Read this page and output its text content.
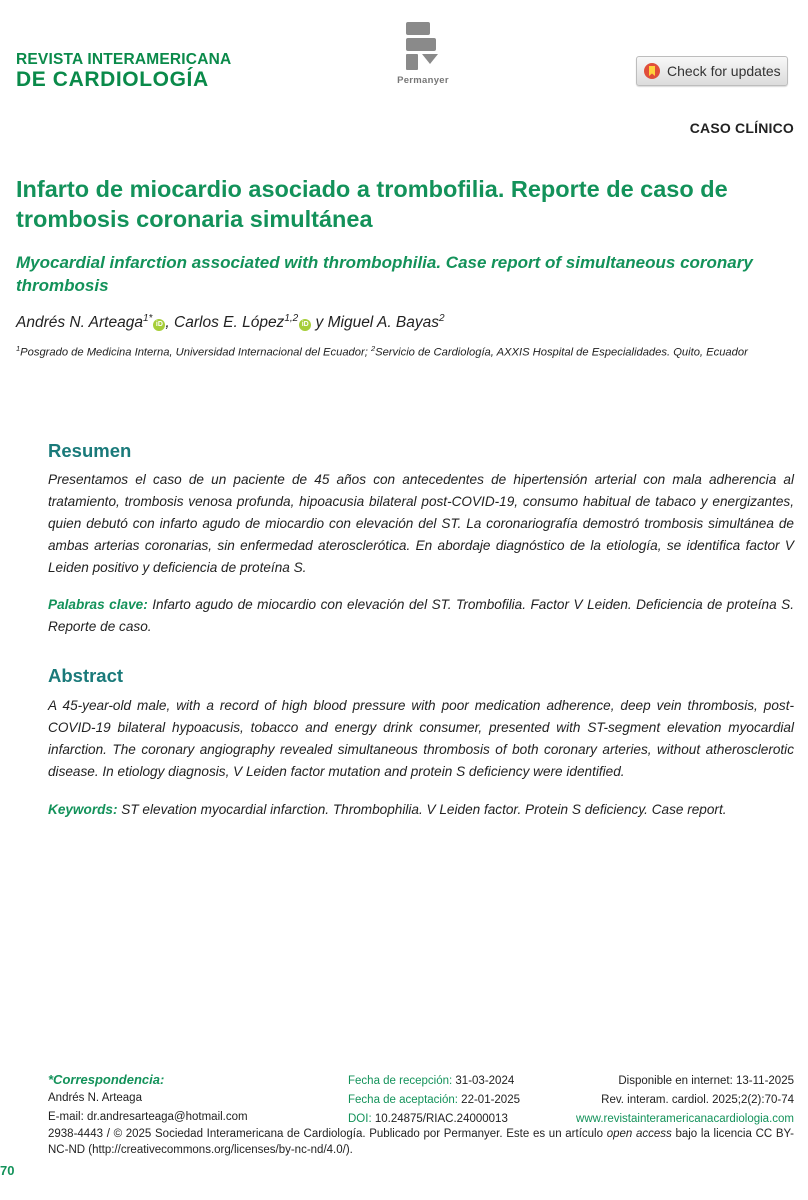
REVISTA INTERAMERICANA
DE CARDIOLOGÍA	Permanyer
Check for updates
CASO CLÍNICO
Infarto de miocardio asociado a trombofilia. Reporte de caso de trombosis coronaria simultánea
Myocardial infarction associated with thrombophilia. Case report of simultaneous coronary thrombosis
Andrés N. Arteaga$^{1*}$iD , Carlos E. López$^{1,2}$iD y Miguel A. Bayas$^2$
$^1$Posgrado de Medicina Interna, Universidad Internacional del Ecuador; $^2$Servicio de Cardiología, AXXIS Hospital de Especialidades. Quito, Ecuador
Resumen

Presentamos el caso de un paciente de 45 años con antecedentes de hipertensión arterial con mala adherencia al tratamiento, trombosis venosa profunda, hipoacusia bilateral post-COVID-19, consumo habitual de tabaco y energizantes, quien debutó con infarto agudo de miocardio con elevación del ST. La coronariografía demostró trombosis simultánea de ambas arterias coronarias, sin enfermedad aterosclerótica. En abordaje diagnóstico de la etiología, se identifica factor V Leiden positivo y deficiencia de proteína S.

Palabras clave: Infarto agudo de miocardio con elevación del ST. Trombofilia. Factor V Leiden. Deficiencia de proteína S. Reporte de caso.

Abstract

A 45-year-old male, with a record of high blood pressure with poor medication adherence, deep vein thrombosis, post-COVID-19 bilateral hypoacusis, tobacco and energy drink consumer, presented with ST-segment elevation myocardial infarction. The coronary angiography revealed simultaneous thrombosis of both coronary arteries, without atherosclerotic disease. In etiology diagnosis, V Leiden factor mutation and protein S deficiency were identified.

Keywords: ST elevation myocardial infarction. Thrombophilia. V Leiden factor. Protein S deficiency. Case report.

*Correspondencia:
Andrés N. Arteaga
E-mail: dr.andresarteaga@hotmail.com
Fecha de recepción: 31-03-2024
Fecha de aceptación: 22-01-2025
DOI: 10.24875/RIAC.24000013
Disponible en internet: 13-11-2025
Rev. interam. cardiol. 2025;2(2):70-74
www.revistainteramericanacardiologia.com

2938-4443 / © 2025 Sociedad Interamericana de Cardiología. Publicado por Permanyer. Este es un artículo open access bajo la licencia CC BY-NC-ND (http://creativecommons.org/licenses/by-nc-nd/4.0/).

70
